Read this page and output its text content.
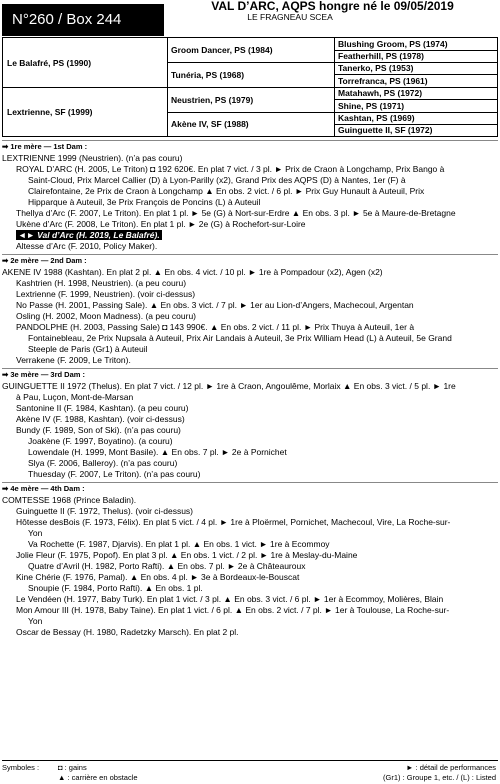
N°260 / Box 244
VAL D’ARC, AQPS hongre né le 09/05/2019
LE FRAGNEAU SCEA
Le Balafré, PS (1990)
Lextrienne, SF (1999)
Groom Dancer, PS (1984)
Tunéria, PS (1968)
Neustrien, PS (1979)
Akène IV, SF (1988)
Blushing Groom, PS (1974)
Featherhill, PS (1978)
Tanerko, PS (1953)
Torrefranca, PS (1961)
Matahawh, PS (1972)
Shine, PS (1971)
Kashtan, PS (1969)
Guinguette II, SF (1972)
➡ 1re mère — 1st Dam :
LEXTRIENNE 1999 (Neustrien). (n’a pas couru)
ROYAL D’ARC (H. 2005, Le Triton) ◘ 192 620€. En plat 7 vict. / 3 pl. ► Prix de Craon à Longchamp, Prix Bango à
Saint-Cloud, Prix Marcel Callier (D) à Lyon-Parilly (x2), Grand Prix des AQPS (D) à Nantes, 1er (F) à
Clairefontaine, 2e Prix de Craon à Longchamp ▲ En obs. 2 vict. / 6 pl. ► Prix Guy Hunault à Auteuil, Prix
Hipparque à Auteuil, 3e Prix François de Poncins (L) à Auteuil
Thellya d’Arc (F. 2007, Le Triton). En plat 1 pl. ► 5e (G) à Nort-sur-Erdre ▲ En obs. 3 pl. ► 5e à Maure-de-Bretagne
Ukène d’Arc (F. 2008, Le Triton). En plat 1 pl. ► 2e (G) à Rochefort-sur-Loire
◄► Val d’Arc (H. 2019, Le Balafré).
Altesse d’Arc (F. 2010, Policy Maker).
➡ 2e mère — 2nd Dam :
AKENE IV 1988 (Kashtan). En plat 2 pl. ▲ En obs. 4 vict. / 10 pl. ► 1re à Pompadour (x2), Agen (x2)
Kashtrien (H. 1998, Neustrien). (a peu couru)
Lextrienne (F. 1999, Neustrien). (voir ci-dessus)
No Passe (H. 2001, Passing Sale). ▲ En obs. 3 vict. / 7 pl. ► 1er au Lion-d’Angers, Machecoul, Argentan
Osling (H. 2002, Moon Madness). (a peu couru)
PANDOLPHE (H. 2003, Passing Sale) ◘ 143 990€. ▲ En obs. 2 vict. / 11 pl. ► Prix Thuya à Auteuil, 1er à
Fontainebleau, 2e Prix Nupsala à Auteuil, Prix Air Landais à Auteuil, 3e Prix William Head (L) à Auteuil, 5e Grand
Steeple de Paris (Gr1) à Auteuil
Verrakene (F. 2009, Le Triton).
➡ 3e mère — 3rd Dam :
GUINGUETTE II 1972 (Thelus). En plat 7 vict. / 12 pl. ► 1re à Craon, Angoulême, Morlaix ▲ En obs. 3 vict. / 5 pl. ► 1re
à Pau, Luçon, Mont-de-Marsan
Santonine II (F. 1984, Kashtan). (a peu couru)
Akène IV (F. 1988, Kashtan). (voir ci-dessus)
Bundy (F. 1989, Son of Ski). (n’a pas couru)
Joakène (F. 1997, Boyatino). (a couru)
Lowendale (H. 1999, Mont Basile). ▲ En obs. 7 pl. ► 2e à Pornichet
Slya (F. 2006, Balleroy). (n’a pas couru)
Thuesday (F. 2007, Le Triton). (n’a pas couru)
➡ 4e mère — 4th Dam :
COMTESSE 1968 (Prince Baladin).
Guinguette II (F. 1972, Thelus). (voir ci-dessus)
Hôtesse desBois (F. 1973, Félix). En plat 5 vict. / 4 pl. ► 1re à Ploërmel, Pornichet, Machecoul, Vire, La Roche-sur-
Yon
Va Rochette (F. 1987, Djarvis). En plat 1 pl. ▲ En obs. 1 vict. ► 1re à Ecommoy
Jolie Fleur (F. 1975, Popof). En plat 3 pl. ▲ En obs. 1 vict. / 2 pl. ► 1re à Meslay-du-Maine
Quatre d’Avril (H. 1982, Porto Rafti). ▲ En obs. 7 pl. ► 2e à Châteauroux
Kine Chérie (F. 1976, Pamal). ▲ En obs. 4 pl. ► 3e à Bordeaux-le-Bouscat
Snoupie (F. 1984, Porto Rafti). ▲ En obs. 1 pl.
Le Vendéen (H. 1977, Baby Turk). En plat 1 vict. / 3 pl. ▲ En obs. 3 vict. / 6 pl. ► 1er à Ecommoy, Molières, Blain
Mon Amour III (H. 1978, Baby Taine). En plat 1 vict. / 6 pl. ▲ En obs. 2 vict. / 7 pl. ► 1er à Toulouse, La Roche-sur-
Yon
Oscar de Bessay (H. 1980, Radetzky Marsch). En plat 2 pl.
Symboles :	◘ : gains
▲ : carrière en obstacle
► : détail de performances
(Gr1) : Groupe 1, etc. / (L) : Listed
